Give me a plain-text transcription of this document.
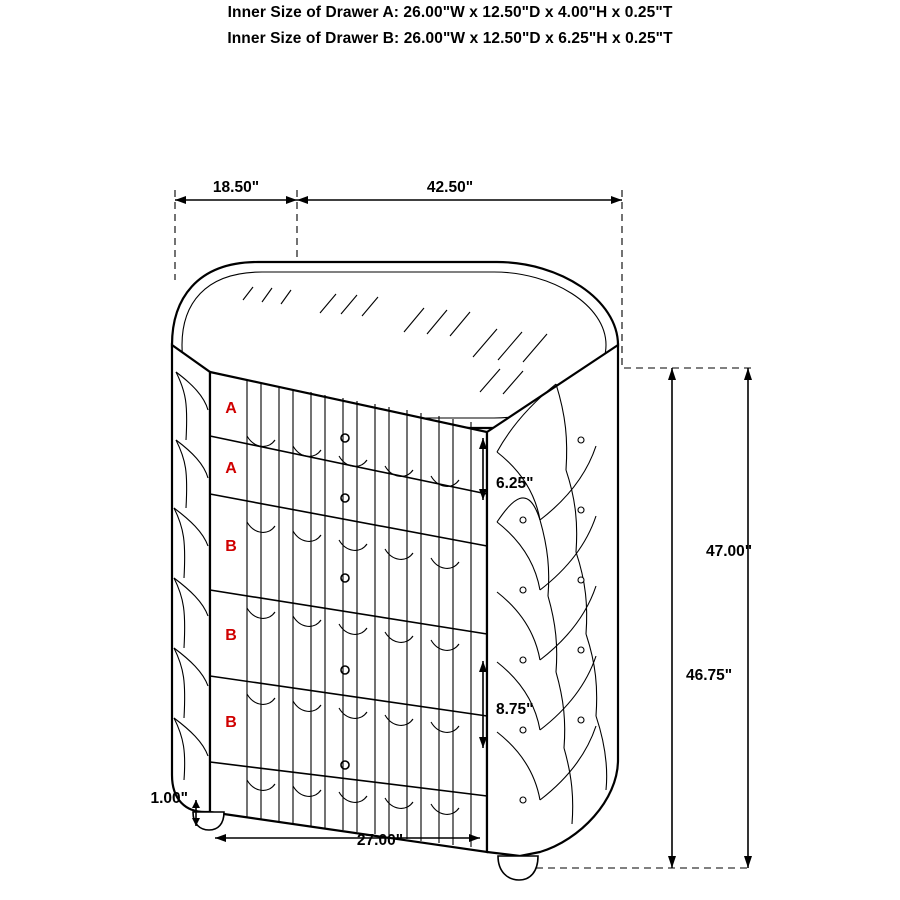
Inner Size of Drawer A: 26.00"W x 12.50"D x 4.00"H x 0.25"T
Inner Size of Drawer B: 26.00"W x 12.50"D x 6.25"H x 0.25"T
18.50"	42.50"
A
A
B
B
B
6.25"
8.75"
46.75"
47.00"
1.00"
27.00"
